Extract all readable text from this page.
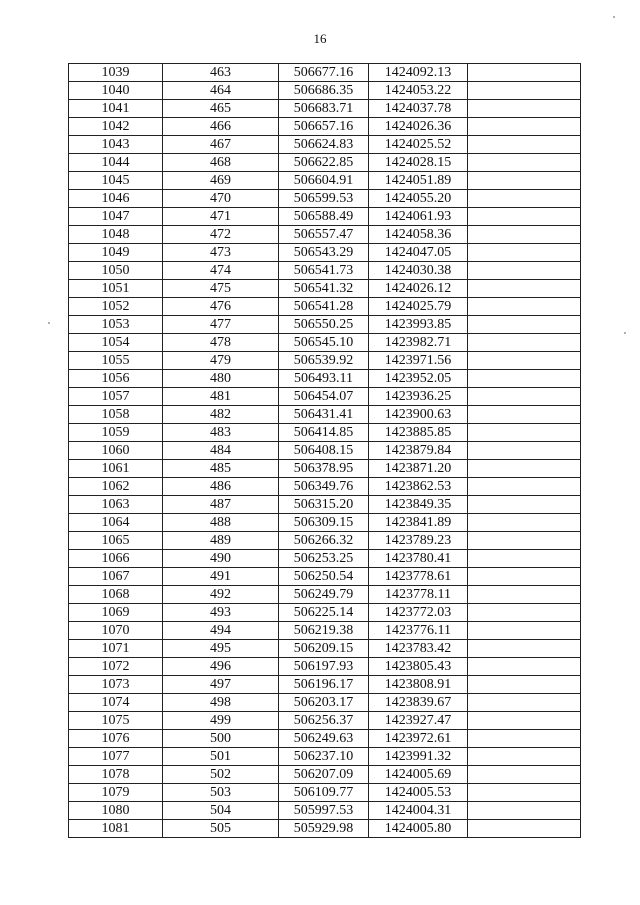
16
1039	463	506677.16	1424092.13	
1040	464	506686.35	1424053.22	
1041	465	506683.71	1424037.78	
1042	466	506657.16	1424026.36	
1043	467	506624.83	1424025.52	
1044	468	506622.85	1424028.15	
1045	469	506604.91	1424051.89	
1046	470	506599.53	1424055.20	
1047	471	506588.49	1424061.93	
1048	472	506557.47	1424058.36	
1049	473	506543.29	1424047.05	
1050	474	506541.73	1424030.38	
1051	475	506541.32	1424026.12	
1052	476	506541.28	1424025.79	
1053	477	506550.25	1423993.85	
1054	478	506545.10	1423982.71	
1055	479	506539.92	1423971.56	
1056	480	506493.11	1423952.05	
1057	481	506454.07	1423936.25	
1058	482	506431.41	1423900.63	
1059	483	506414.85	1423885.85	
1060	484	506408.15	1423879.84	
1061	485	506378.95	1423871.20	
1062	486	506349.76	1423862.53	
1063	487	506315.20	1423849.35	
1064	488	506309.15	1423841.89	
1065	489	506266.32	1423789.23	
1066	490	506253.25	1423780.41	
1067	491	506250.54	1423778.61	
1068	492	506249.79	1423778.11	
1069	493	506225.14	1423772.03	
1070	494	506219.38	1423776.11	
1071	495	506209.15	1423783.42	
1072	496	506197.93	1423805.43	
1073	497	506196.17	1423808.91	
1074	498	506203.17	1423839.67	
1075	499	506256.37	1423927.47	
1076	500	506249.63	1423972.61	
1077	501	506237.10	1423991.32	
1078	502	506207.09	1424005.69	
1079	503	506109.77	1424005.53	
1080	504	505997.53	1424004.31	
1081	505	505929.98	1424005.80	
